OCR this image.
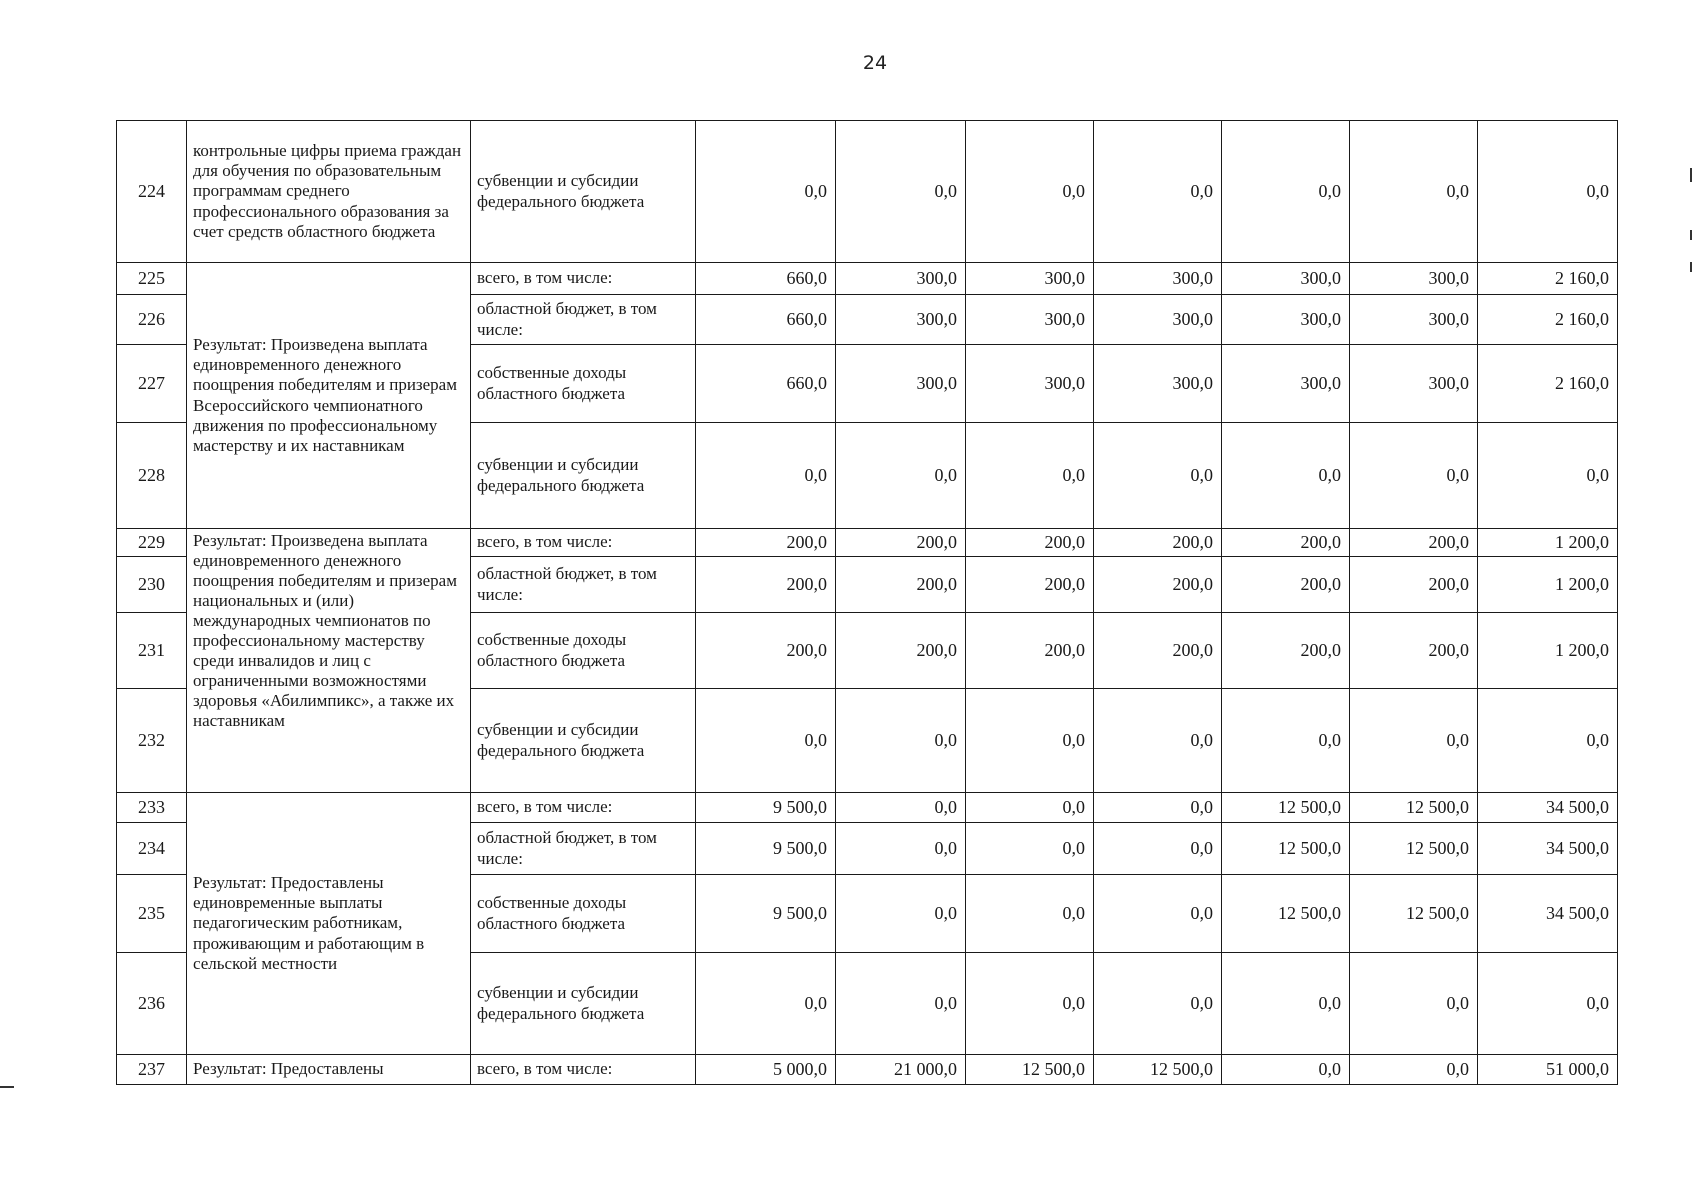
24
224	контрольные цифры приема граждан для обучения по образовательным программам среднего профессионального образования за счет средств областного бюджета	субвенции и субсидии федерального бюджета	0,0	0,0	0,0	0,0	0,0	0,0	0,0
225	Результат: Произведена выплата единовременного денежного поощрения победителям и призерам Всероссийского чемпионатного движения по профессиональному мастерству и их наставникам	всего, в том числе:	660,0	300,0	300,0	300,0	300,0	300,0	2 160,0
226		областной бюджет, в том числе:	660,0	300,0	300,0	300,0	300,0	300,0	2 160,0
227		собственные доходы областного бюджета	660,0	300,0	300,0	300,0	300,0	300,0	2 160,0
228		субвенции и субсидии федерального бюджета	0,0	0,0	0,0	0,0	0,0	0,0	0,0
229	Результат: Произведена выплата единовременного денежного поощрения победителям и призерам национальных и (или) международных чемпионатов по профессиональному мастерству среди инвалидов и лиц с ограниченными возможностями здоровья «Абилимпикс», а также их наставникам	всего, в том числе:	200,0	200,0	200,0	200,0	200,0	200,0	1 200,0
230		областной бюджет, в том числе:	200,0	200,0	200,0	200,0	200,0	200,0	1 200,0
231		собственные доходы областного бюджета	200,0	200,0	200,0	200,0	200,0	200,0	1 200,0
232		субвенции и субсидии федерального бюджета	0,0	0,0	0,0	0,0	0,0	0,0	0,0
233	Результат: Предоставлены единовременные выплаты педагогическим работникам, проживающим и работающим в сельской местности	всего, в том числе:	9 500,0	0,0	0,0	0,0	12 500,0	12 500,0	34 500,0
234		областной бюджет, в том числе:	9 500,0	0,0	0,0	0,0	12 500,0	12 500,0	34 500,0
235		собственные доходы областного бюджета	9 500,0	0,0	0,0	0,0	12 500,0	12 500,0	34 500,0
236		субвенции и субсидии федерального бюджета	0,0	0,0	0,0	0,0	0,0	0,0	0,0
237	Результат: Предоставлены	всего, в том числе:	5 000,0	21 000,0	12 500,0	12 500,0	0,0	0,0	51 000,0
